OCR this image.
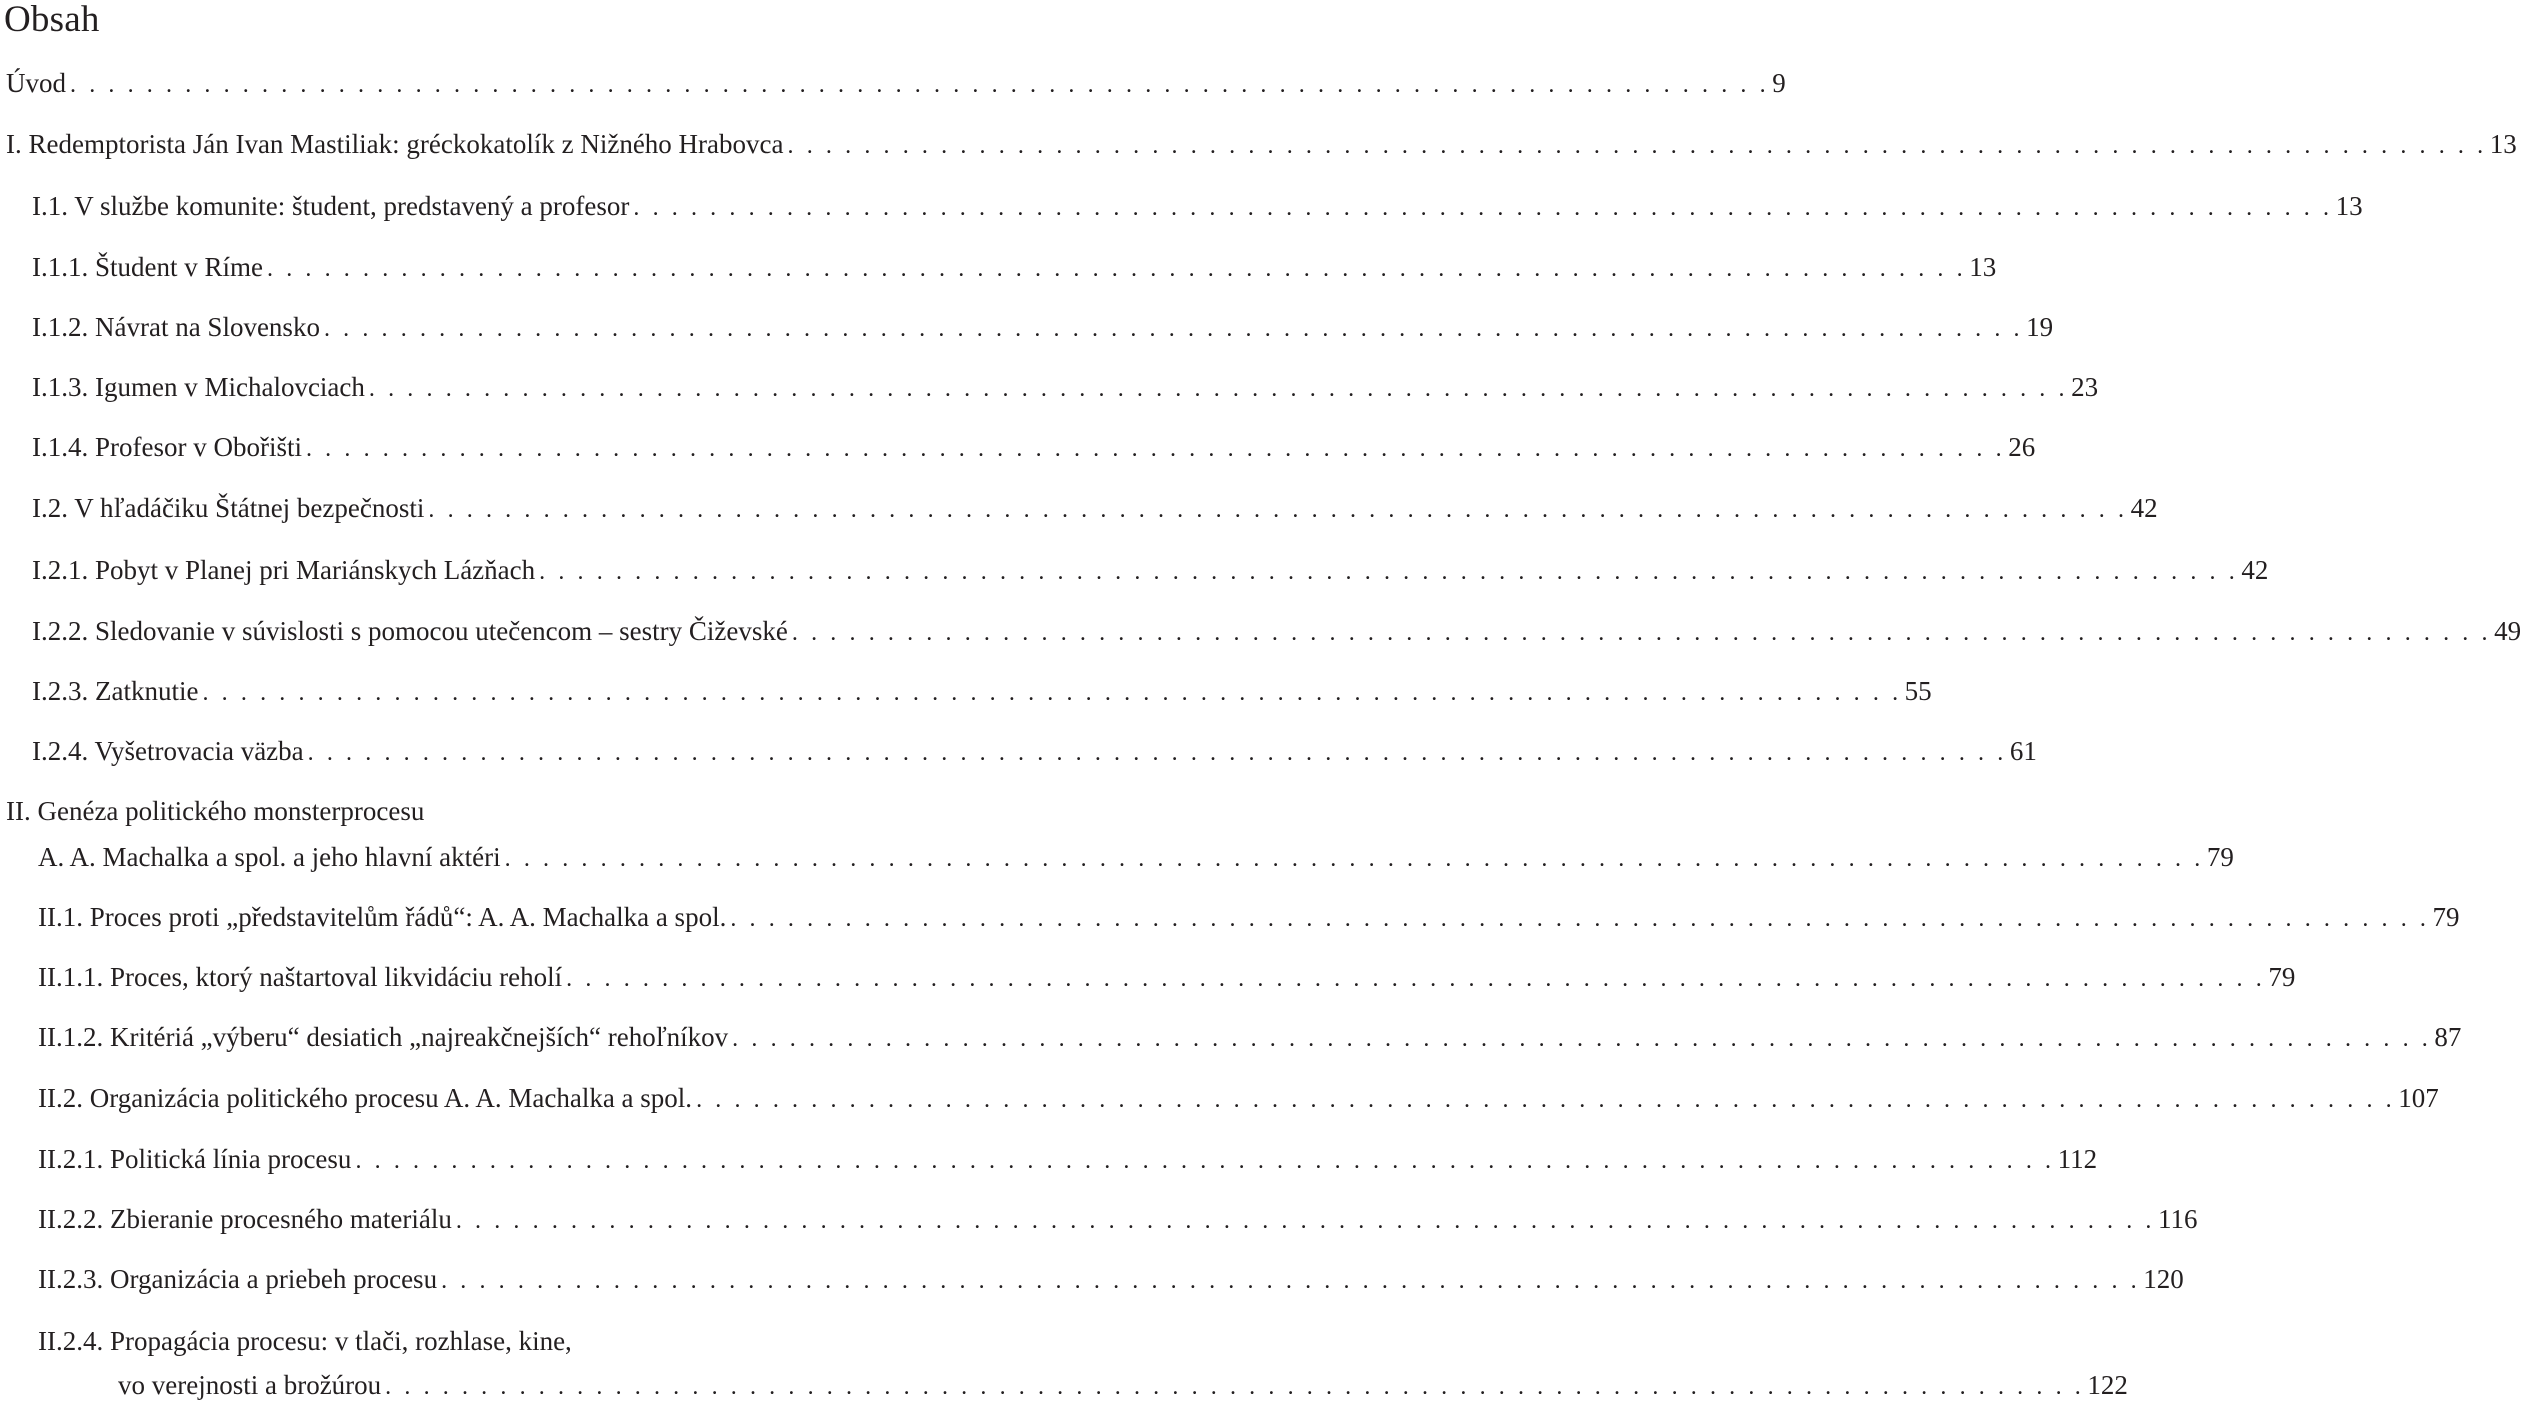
Obsah
Úvod . . . . . . . . . . . . . . . . . . . . . . . . . . . . . . . . . . . . . . . . . . . . . . . . . . . . . . . . . . . . . . . . . . . . . . . . . . . . . . . . . . . . . . . . . 9
I. Redemptorista Ján Ivan Mastiliak: gréckokatolík z Nižného Hrabovca . . . . . . . . . . . . . . . . . . . . . . . . . . . . . . . . . . . . . . . . . . . . . . . . . . . . . . . . . . . . . . . . . . . . . . . . . . . . . . . . . . . . . . . . . 13
I.1. V službe komunite: študent, predstavený a profesor . . . . . . . . . . . . . . . . . . . . . . . . . . . . . . . . . . . . . . . . . . . . . . . . . . . . . . . . . . . . . . . . . . . . . . . . . . . . . . . . . . . . . . . . . 13
I.1.1. Študent v Ríme . . . . . . . . . . . . . . . . . . . . . . . . . . . . . . . . . . . . . . . . . . . . . . . . . . . . . . . . . . . . . . . . . . . . . . . . . . . . . . . . . . . . . . . . . 13
I.1.2. Návrat na Slovensko . . . . . . . . . . . . . . . . . . . . . . . . . . . . . . . . . . . . . . . . . . . . . . . . . . . . . . . . . . . . . . . . . . . . . . . . . . . . . . . . . . . . . . . . . 19
I.1.3. Igumen v Michalovciach . . . . . . . . . . . . . . . . . . . . . . . . . . . . . . . . . . . . . . . . . . . . . . . . . . . . . . . . . . . . . . . . . . . . . . . . . . . . . . . . . . . . . . . . . 23
I.1.4. Profesor v Obořišti . . . . . . . . . . . . . . . . . . . . . . . . . . . . . . . . . . . . . . . . . . . . . . . . . . . . . . . . . . . . . . . . . . . . . . . . . . . . . . . . . . . . . . . . . 26
I.2. V hľadáčiku Štátnej bezpečnosti . . . . . . . . . . . . . . . . . . . . . . . . . . . . . . . . . . . . . . . . . . . . . . . . . . . . . . . . . . . . . . . . . . . . . . . . . . . . . . . . . . . . . . . . . 42
I.2.1. Pobyt v Planej pri Mariánskych Lázňach . . . . . . . . . . . . . . . . . . . . . . . . . . . . . . . . . . . . . . . . . . . . . . . . . . . . . . . . . . . . . . . . . . . . . . . . . . . . . . . . . . . . . . . . . 42
I.2.2. Sledovanie v súvislosti s pomocou utečencom – sestry Čiževské . . . . . . . . . . . . . . . . . . . . . . . . . . . . . . . . . . . . . . . . . . . . . . . . . . . . . . . . . . . . . . . . . . . . . . . . . . . . . . . . . . . . . . . . . 49
I.2.3. Zatknutie . . . . . . . . . . . . . . . . . . . . . . . . . . . . . . . . . . . . . . . . . . . . . . . . . . . . . . . . . . . . . . . . . . . . . . . . . . . . . . . . . . . . . . . . . 55
I.2.4. Vyšetrovacia väzba . . . . . . . . . . . . . . . . . . . . . . . . . . . . . . . . . . . . . . . . . . . . . . . . . . . . . . . . . . . . . . . . . . . . . . . . . . . . . . . . . . . . . . . . . 61
II. Genéza politického monsterprocesu
A. A. Machalka a spol. a jeho hlavní aktéri . . . . . . . . . . . . . . . . . . . . . . . . . . . . . . . . . . . . . . . . . . . . . . . . . . . . . . . . . . . . . . . . . . . . . . . . . . . . . . . . . . . . . . . . . 79
II.1. Proces proti „představitelům řádů“: A. A. Machalka a spol. . . . . . . . . . . . . . . . . . . . . . . . . . . . . . . . . . . . . . . . . . . . . . . . . . . . . . . . . . . . . . . . . . . . . . . . . . . . . . . . . . . . . . . . . . 79
II.1.1. Proces, ktorý naštartoval likvidáciu reholí . . . . . . . . . . . . . . . . . . . . . . . . . . . . . . . . . . . . . . . . . . . . . . . . . . . . . . . . . . . . . . . . . . . . . . . . . . . . . . . . . . . . . . . . . 79
II.1.2. Kritériá „výberu“ desiatich „najreakčnejších“ rehoľníkov . . . . . . . . . . . . . . . . . . . . . . . . . . . . . . . . . . . . . . . . . . . . . . . . . . . . . . . . . . . . . . . . . . . . . . . . . . . . . . . . . . . . . . . . . 87
II.2. Organizácia politického procesu A. A. Machalka a spol. . . . . . . . . . . . . . . . . . . . . . . . . . . . . . . . . . . . . . . . . . . . . . . . . . . . . . . . . . . . . . . . . . . . . . . . . . . . . . . . . . . . . . . . . . 107
II.2.1. Politická línia procesu . . . . . . . . . . . . . . . . . . . . . . . . . . . . . . . . . . . . . . . . . . . . . . . . . . . . . . . . . . . . . . . . . . . . . . . . . . . . . . . . . . . . . . . . . 112
II.2.2. Zbieranie procesného materiálu . . . . . . . . . . . . . . . . . . . . . . . . . . . . . . . . . . . . . . . . . . . . . . . . . . . . . . . . . . . . . . . . . . . . . . . . . . . . . . . . . . . . . . . . . 116
II.2.3. Organizácia a priebeh procesu . . . . . . . . . . . . . . . . . . . . . . . . . . . . . . . . . . . . . . . . . . . . . . . . . . . . . . . . . . . . . . . . . . . . . . . . . . . . . . . . . . . . . . . . . 120
II.2.4. Propagácia procesu: v tlači, rozhlase, kine,
vo verejnosti a brožúrou . . . . . . . . . . . . . . . . . . . . . . . . . . . . . . . . . . . . . . . . . . . . . . . . . . . . . . . . . . . . . . . . . . . . . . . . . . . . . . . . . . . . . . . . . 122
